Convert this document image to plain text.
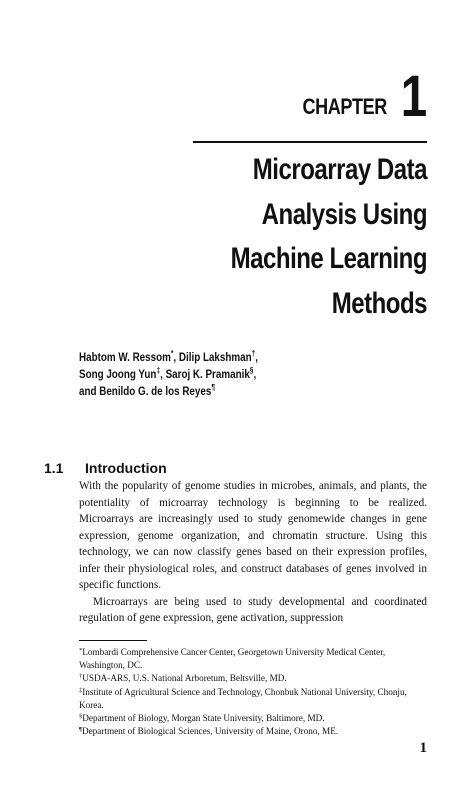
CHAPTER 1
Microarray Data
Analysis Using
Machine Learning
Methods
Habtom W. Ressom*, Dilip Lakshman†,
Song Joong Yun‡, Saroj K. Pramanik§,
and Benildo G. de los Reyes¶
1.1	Introduction

With the popularity of genome studies in microbes, animals, and plants, the potentiality of microarray technology is beginning to be realized. Microarrays are increasingly used to study genomewide changes in gene expression, genome organization, and chromatin structure. Using this technology, we can now classify genes based on their expression profiles, infer their physiological roles, and construct databases of genes involved in specific functions.

Microarrays are being used to study developmental and coordinated regulation of gene expression, gene activation, suppression

*Lombardi Comprehensive Cancer Center, Georgetown University Medical Center, Washington, DC.

†USDA-ARS, U.S. National Arboretum, Beltsville, MD.

‡Institute of Agricultural Science and Technology, Chonbuk National University, Chonju, Korea.

§Department of Biology, Morgan State University, Baltimore, MD.

¶Department of Biological Sciences, University of Maine, Orono, ME.

1
